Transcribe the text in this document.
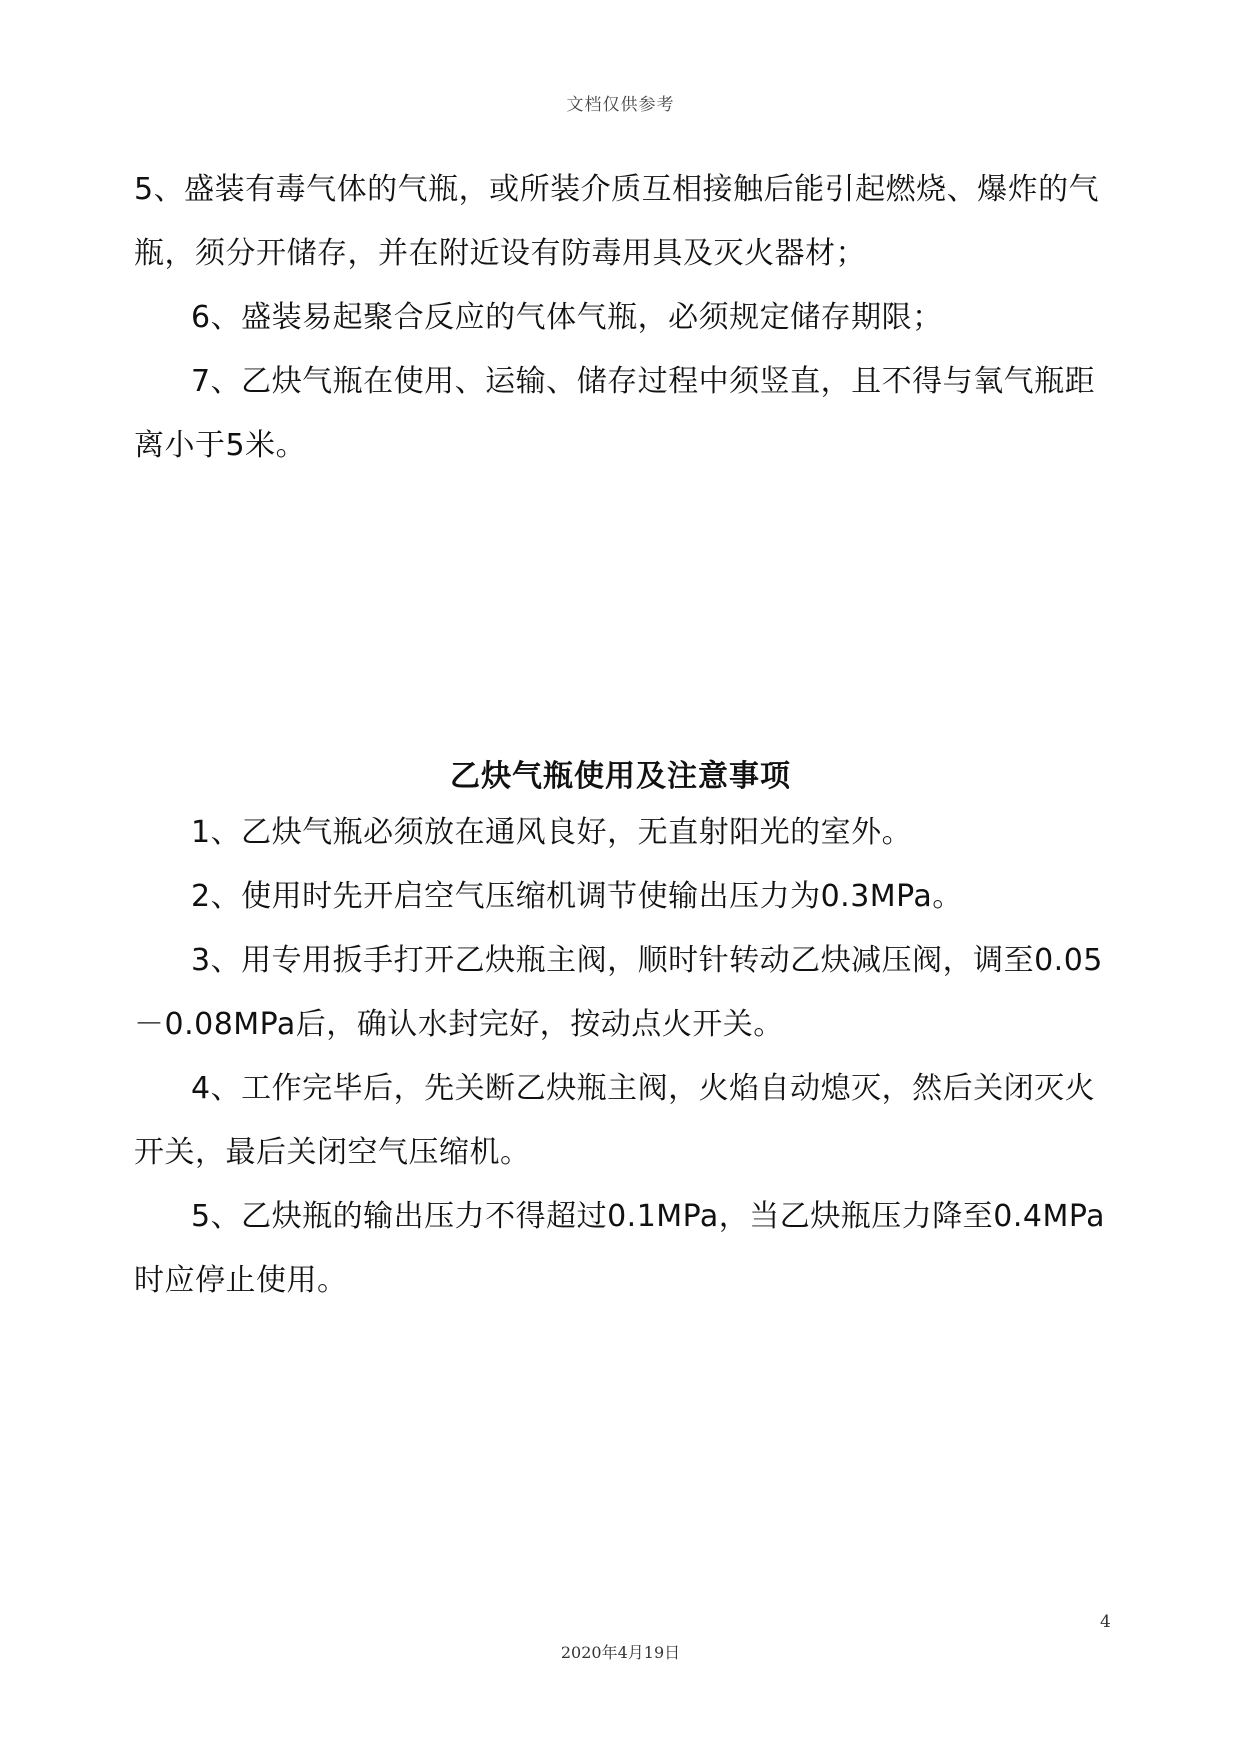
文档仅供参考

5、盛装有毒气体的气瓶，或所装介质互相接触后能引起燃烧、爆炸的气瓶，须分开储存，并在附近设有防毒用具及灭火器材；

6、盛装易起聚合反应的气体气瓶，必须规定储存期限；

7、乙炔气瓶在使用、运输、储存过程中须竖直，且不得与氧气瓶距离小于5米。

乙炔气瓶使用及注意事项

1、乙炔气瓶必须放在通风良好，无直射阳光的室外。

2、使用时先开启空气压缩机调节使输出压力为0.3MPa。

3、用专用扳手打开乙炔瓶主阀，顺时针转动乙炔减压阀，调至0.05－0.08MPa后，确认水封完好，按动点火开关。

4、工作完毕后，先关断乙炔瓶主阀，火焰自动熄灭，然后关闭灭火开关，最后关闭空气压缩机。

5、乙炔瓶的输出压力不得超过0.1MPa，当乙炔瓶压力降至0.4MPa时应停止使用。

4
2020年4月19日
